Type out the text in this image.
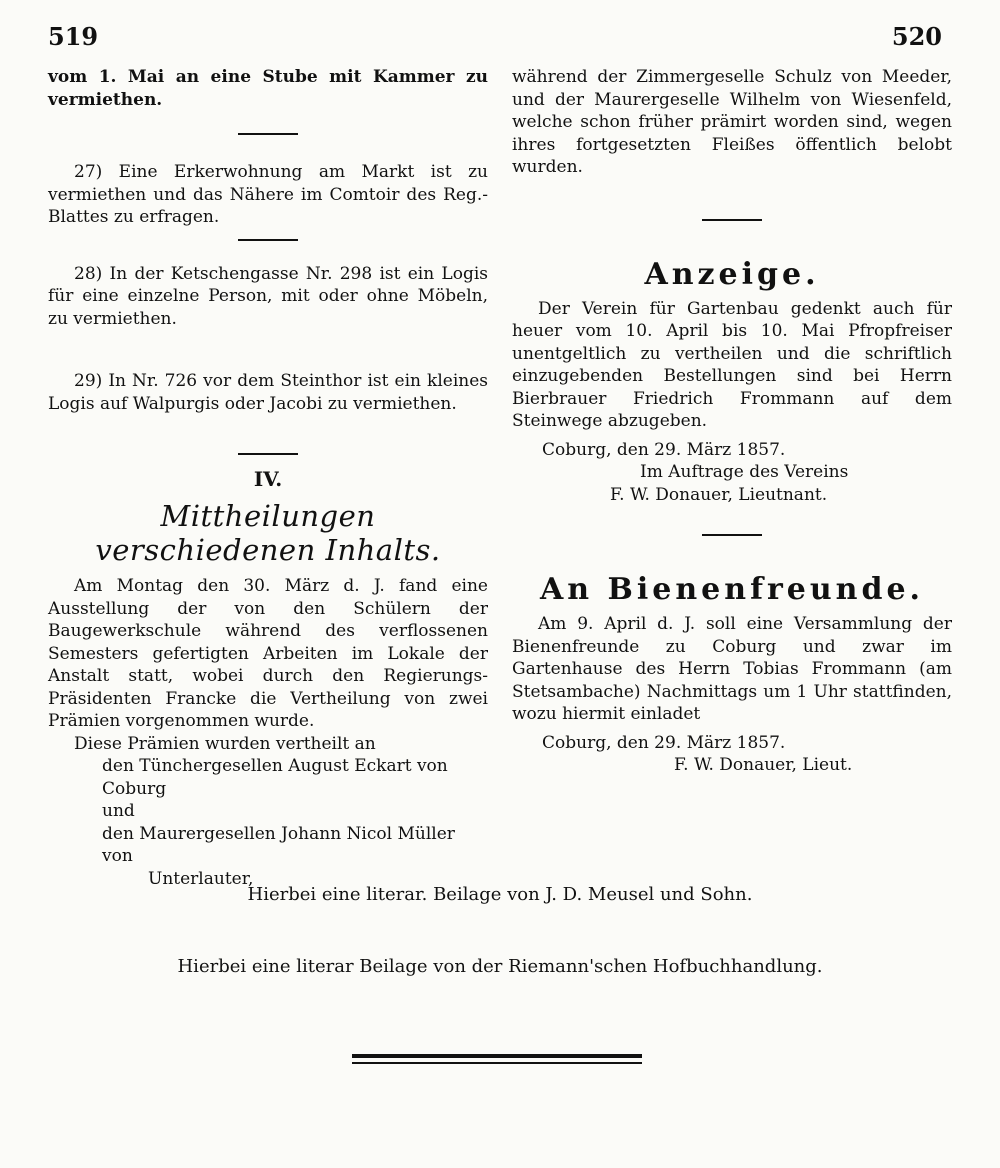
519	520

vom 1. Mai an eine Stube mit Kammer zu vermiethen.

27) Eine Erkerwohnung am Markt ist zu vermiethen und das Nähere im Comtoir des Reg.-Blattes zu erfragen.

28) In der Ketschengasse Nr. 298 ist ein Logis für eine einzelne Person, mit oder ohne Möbeln, zu vermiethen.

29) In Nr. 726 vor dem Steinthor ist ein kleines Logis auf Walpurgis oder Jacobi zu vermiethen.

IV.

Mittheilungen verschiedenen Inhalts.

Am Montag den 30. März d. J. fand eine Ausstellung der von den Schülern der Baugewerkschule während des verflossenen Semesters gefertigten Arbeiten im Lokale der Anstalt statt, wobei durch den Regierungs-Präsidenten Francke die Vertheilung von zwei Prämien vorgenommen wurde.

Diese Prämien wurden vertheilt an

den Tünchergesellen August Eckart von Coburg

und

den Maurergesellen Johann Nicol Müller von

Unterlauter,

während der Zimmergeselle Schulz von Meeder, und der Maurergeselle Wilhelm von Wiesenfeld, welche schon früher prämirt worden sind, wegen ihres fortgesetzten Fleißes öffentlich belobt wurden.

Anzeige.

Der Verein für Gartenbau gedenkt auch für heuer vom 10. April bis 10. Mai Pfropfreiser unentgeltlich zu vertheilen und die schriftlich einzugebenden Bestellungen sind bei Herrn Bierbrauer Friedrich Frommann auf dem Steinwege abzugeben.

Coburg, den 29. März 1857.

Im Auftrage des Vereins

F. W. Donauer, Lieutnant.

An Bienenfreunde.

Am 9. April d. J. soll eine Versammlung der Bienenfreunde zu Coburg und zwar im Gartenhause des Herrn Tobias Frommann (am Stetsambache) Nachmittags um 1 Uhr stattfinden, wozu hiermit einladet

Coburg, den 29. März 1857.

F. W. Donauer, Lieut.

Hierbei eine literar. Beilage von J. D. Meusel und Sohn.

Hierbei eine literar Beilage von der Riemann'schen Hofbuchhandlung.
